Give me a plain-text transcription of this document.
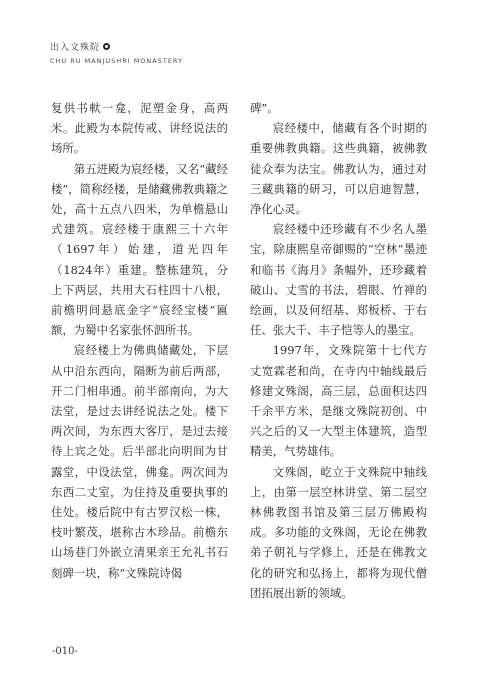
出入文殊院
CHU RU MANJUSHRI MONASTERY

复供书軑一龛，泥塑金身，高两米。此殿为本院传戒、讲经说法的场所。

第五进殿为宸经楼，又名“藏经楼”，简称经楼，是储藏佛教典籍之处，高十五点八四米，为单檐悬山式建筑。宸经楼于康熙三十六年（1697年）始建，道光四年（1824年）重建。整栋建筑，分上下两层，共用大石柱四十八根，前檐明间悬底金字“宸经宝楼”匾额，为蜀中名家张怀泗所书。

宸经楼上为佛典储藏处，下层从中沿东西向，隔断为前后两部，开二门相串通。前半部南向，为大法堂，是过去讲经说法之处。楼下两次间，为东西大客厅，是过去接待上宾之处。后半部北向明间为甘露堂，中设法堂，佛龛。两次间为东西二丈室，为住持及重要执事的住处。楼后院中有古罗汉松一株，枝叶繁茂，堪称古木珍品。前檐东山场巷门外嵌立清果亲王允礼书石刻碑一块，称“文殊院诗偈

碑”。

宸经楼中，储藏有各个时期的重要佛教典籍。这些典籍，被佛教徒众奉为法宝。佛教认为，通过对三藏典籍的研习，可以启迪智慧，净化心灵。

宸经楼中还珍藏有不少名人墨宝，除康熙皇帝御赐的“空林”墨迹和临书《海月》条幅外，还珍藏着破山、丈雪的书法，碧眼、竹禅的绘画，以及何绍基、郑板桥、于右任、张大千、丰子恺等人的墨宝。

1997年，文殊院第十七代方丈宽霖老和尚，在寺内中轴线最后修建文殊阁，高三层，总面积达四千余平方米，是继文殊院初创、中兴之后的又一大型主体建筑，造型精美，气势雄伟。

文殊阁，屹立于文殊院中轴线上，由第一层空林讲堂、第二层空林佛教图书馆及第三层万佛殿构成。多功能的文殊阁，无论在佛教弟子朝礼与学修上，还是在佛教文化的研究和弘扬上，都将为现代僧团拓展出新的领域。

-010-
